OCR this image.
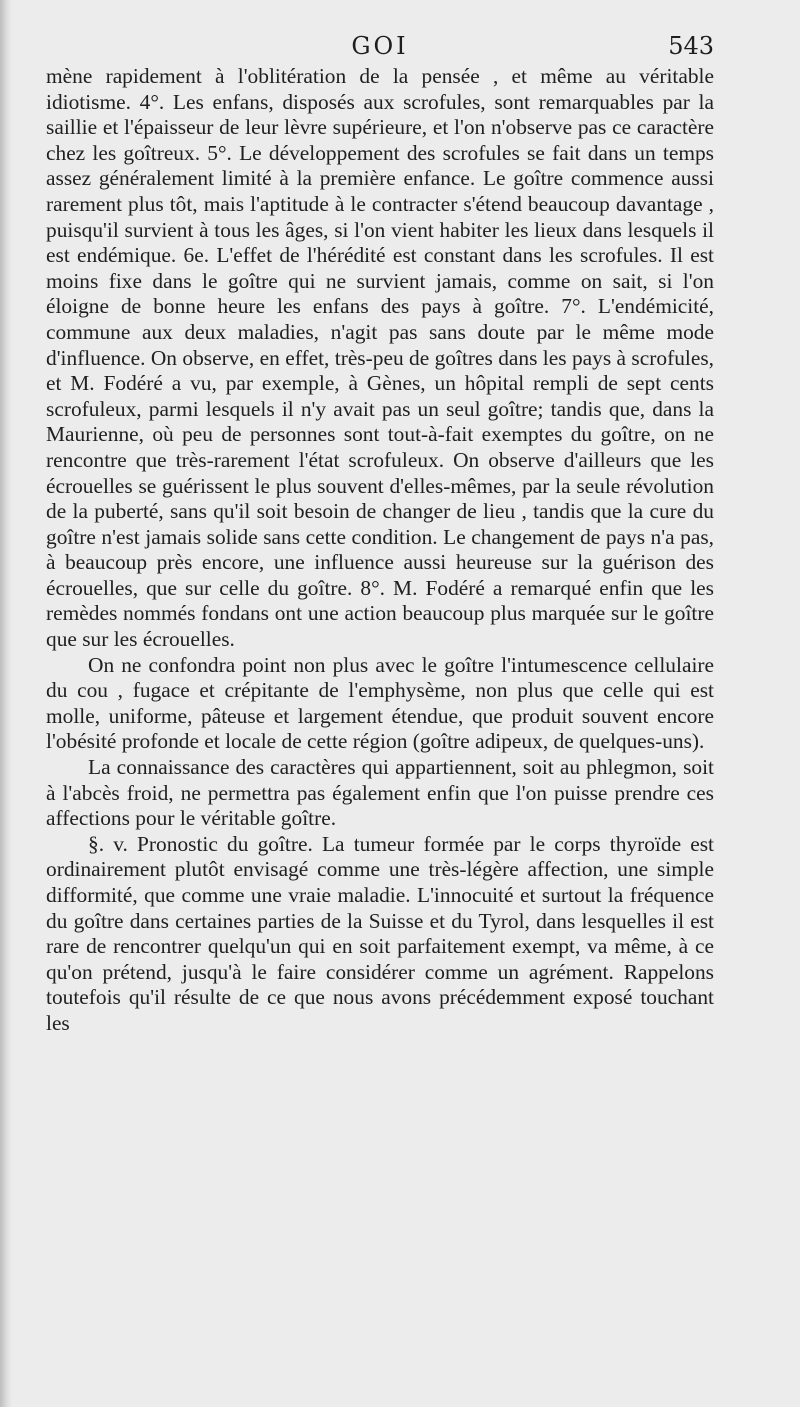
GOI	543

mène rapidement à l'oblitération de la pensée , et même au véritable idiotisme. 4°. Les enfans, disposés aux scrofules, sont remarquables par la saillie et l'épaisseur de leur lèvre supérieure, et l'on n'observe pas ce caractère chez les goîtreux. 5°. Le développement des scrofules se fait dans un temps assez généralement limité à la première enfance. Le goître commence aussi rarement plus tôt, mais l'aptitude à le contracter s'étend beaucoup davantage , puisqu'il survient à tous les âges, si l'on vient habiter les lieux dans lesquels il est endémique. 6e. L'effet de l'hérédité est constant dans les scrofules. Il est moins fixe dans le goître qui ne survient jamais, comme on sait, si l'on éloigne de bonne heure les enfans des pays à goître. 7°. L'endémicité, commune aux deux maladies, n'agit pas sans doute par le même mode d'influence. On observe, en effet, très-peu de goîtres dans les pays à scrofules, et M. Fodéré a vu, par exemple, à Gènes, un hôpital rempli de sept cents scrofuleux, parmi lesquels il n'y avait pas un seul goître; tandis que, dans la Maurienne, où peu de personnes sont tout-à-fait exemptes du goître, on ne rencontre que très-rarement l'état scrofuleux. On observe d'ailleurs que les écrouelles se guérissent le plus souvent d'elles-mêmes, par la seule révolution de la puberté, sans qu'il soit besoin de changer de lieu , tandis que la cure du goître n'est jamais solide sans cette condition. Le changement de pays n'a pas, à beaucoup près encore, une influence aussi heureuse sur la guérison des écrouelles, que sur celle du goître. 8°. M. Fodéré a remarqué enfin que les remèdes nommés fondans ont une action beaucoup plus marquée sur le goître que sur les écrouelles.

On ne confondra point non plus avec le goître l'intumescence cellulaire du cou , fugace et crépitante de l'emphysème, non plus que celle qui est molle, uniforme, pâteuse et largement étendue, que produit souvent encore l'obésité profonde et locale de cette région (goître adipeux, de quelques-uns).

La connaissance des caractères qui appartiennent, soit au phlegmon, soit à l'abcès froid, ne permettra pas également enfin que l'on puisse prendre ces affections pour le véritable goître.

§. v. Pronostic du goître. La tumeur formée par le corps thyroïde est ordinairement plutôt envisagé comme une très-légère affection, une simple difformité, que comme une vraie maladie. L'innocuité et surtout la fréquence du goître dans certaines parties de la Suisse et du Tyrol, dans lesquelles il est rare de rencontrer quelqu'un qui en soit parfaitement exempt, va même, à ce qu'on prétend, jusqu'à le faire considérer comme un agrément. Rappelons toutefois qu'il résulte de ce que nous avons précédemment exposé touchant les
